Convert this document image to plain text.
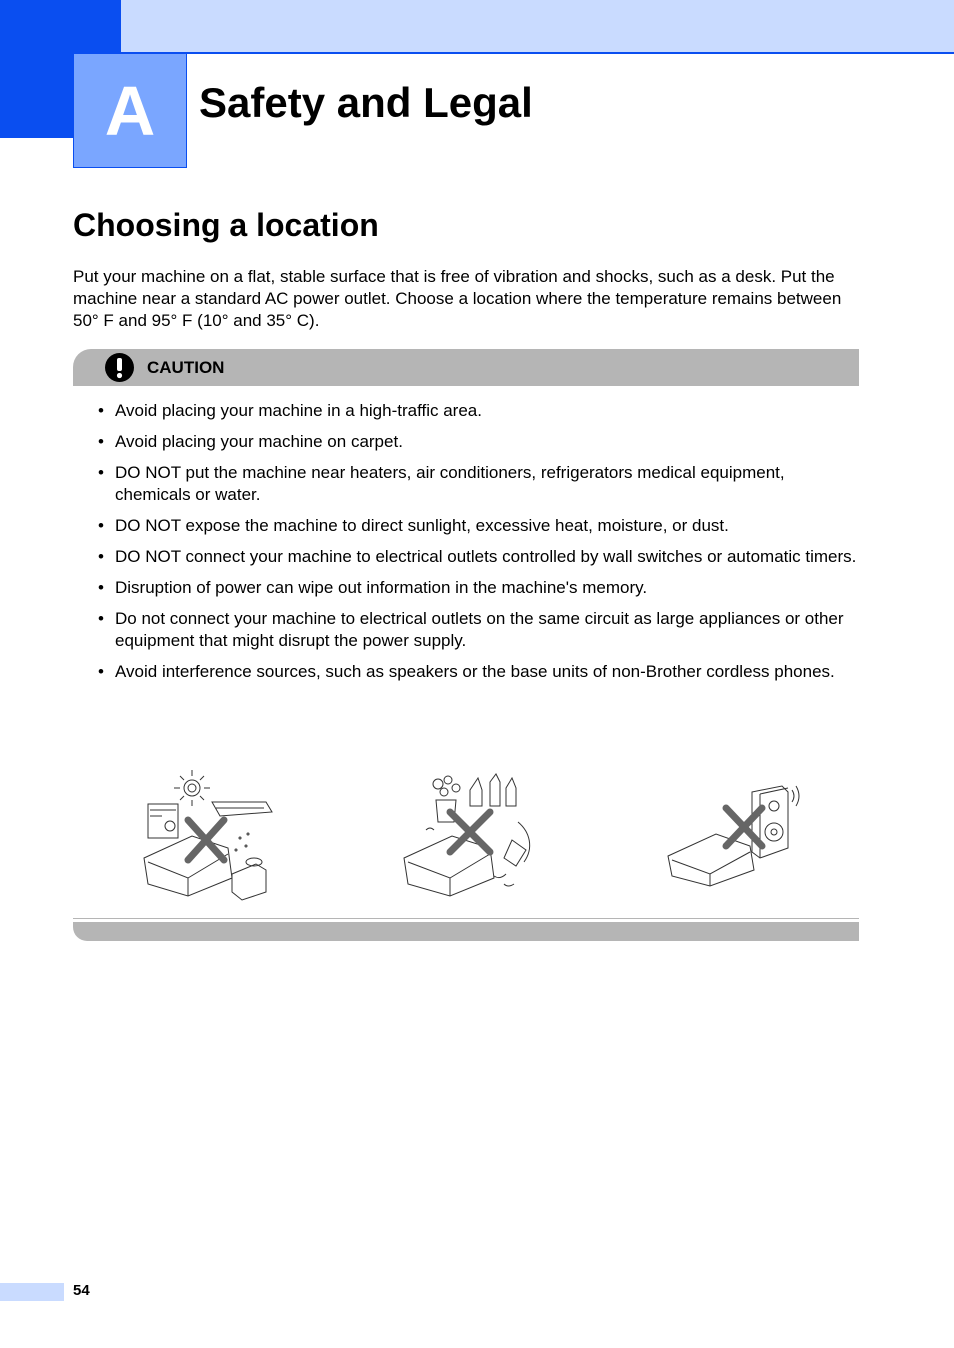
A Safety and Legal
Choosing a location

Put your machine on a flat, stable surface that is free of vibration and shocks, such as a desk. Put the machine near a standard AC power outlet. Choose a location where the temperature remains between 50° F and 95° F (10° and 35° C).

CAUTION
• Avoid placing your machine in a high-traffic area.
• Avoid placing your machine on carpet.
• DO NOT put the machine near heaters, air conditioners, refrigerators medical equipment, chemicals or water.
• DO NOT expose the machine to direct sunlight, excessive heat, moisture, or dust.
• DO NOT connect your machine to electrical outlets controlled by wall switches or automatic timers.
• Disruption of power can wipe out information in the machine's memory.
• Do not connect your machine to electrical outlets on the same circuit as large appliances or other equipment that might disrupt the power supply.
• Avoid interference sources, such as speakers or the base units of non-Brother cordless phones.
54
